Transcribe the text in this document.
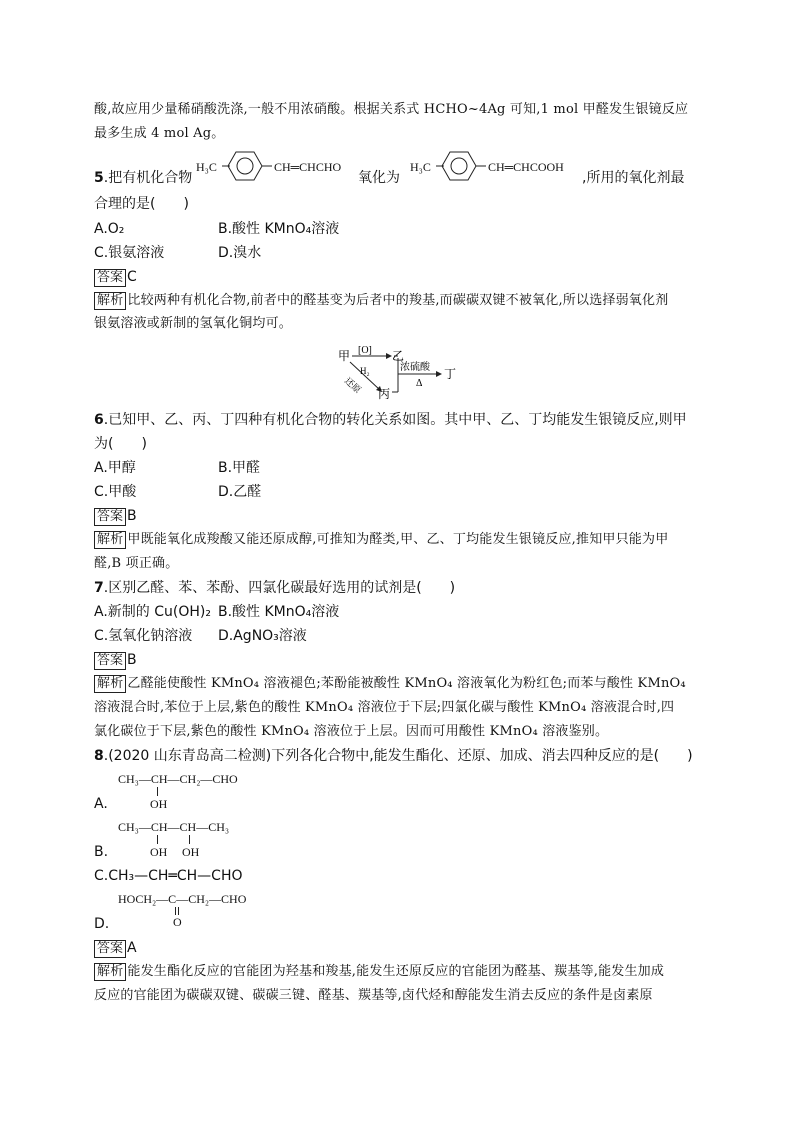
酸,故应用少量稀硝酸洗涤,一般不用浓硝酸。根据关系式 HCHO~4Ag 可知,1 mol 甲醛发生银镜反应
最多生成 4 mol Ag。
5.把有机化合物
H₃C	CH═CHCHO
氧化为
H₃C	CH═CHCOOH
,所用的氧化剂最
合理的是(　　)
A.O₂	B.酸性 KMnO₄溶液
C.银氨溶液	D.溴水
答案 C
解析 比较两种有机化合物,前者中的醛基变为后者中的羧基,而碳碳双键不被氧化,所以选择弱氧化剂
银氨溶液或新制的氢氧化铜均可。
甲 [O] 乙
H₂
还原 丙
浓硫酸
Δ
丁
6.已知甲、乙、丙、丁四种有机化合物的转化关系如图。其中甲、乙、丁均能发生银镜反应,则甲
为(　　)
A.甲醇	B.甲醛
C.甲酸	D.乙醛
答案 B
解析 甲既能氧化成羧酸又能还原成醇,可推知为醛类,甲、乙、丁均能发生银镜反应,推知甲只能为甲
醛,B 项正确。
7.区别乙醛、苯、苯酚、四氯化碳最好选用的试剂是(　　)
A.新制的 Cu(OH)₂ B.酸性 KMnO₄溶液
C.氢氧化钠溶液 D.AgNO₃溶液
答案 B
解析 乙醛能使酸性 KMnO₄ 溶液褪色;苯酚能被酸性 KMnO₄ 溶液氧化为粉红色;而苯与酸性 KMnO₄
溶液混合时,苯位于上层,紫色的酸性 KMnO₄ 溶液位于下层;四氯化碳与酸性 KMnO₄ 溶液混合时,四
氯化碳位于下层,紫色的酸性 KMnO₄ 溶液位于上层。因而可用酸性 KMnO₄ 溶液鉴别。
8.(2020 山东青岛高二检测)下列各化合物中,能发生酯化、还原、加成、消去四种反应的是(　　)
CH₃—CH—CH₂—CHO
A.	OH
CH₃—CH—CH—CH₃
B.	OH OH
C.CH₃—CH═CH—CHO
HOCH₂—C—CH₂—CHO
D.	O
答案 A
解析 能发生酯化反应的官能团为羟基和羧基,能发生还原反应的官能团为醛基、羰基等,能发生加成
反应的官能团为碳碳双键、碳碳三键、醛基、羰基等,卤代烃和醇能发生消去反应的条件是卤素原
